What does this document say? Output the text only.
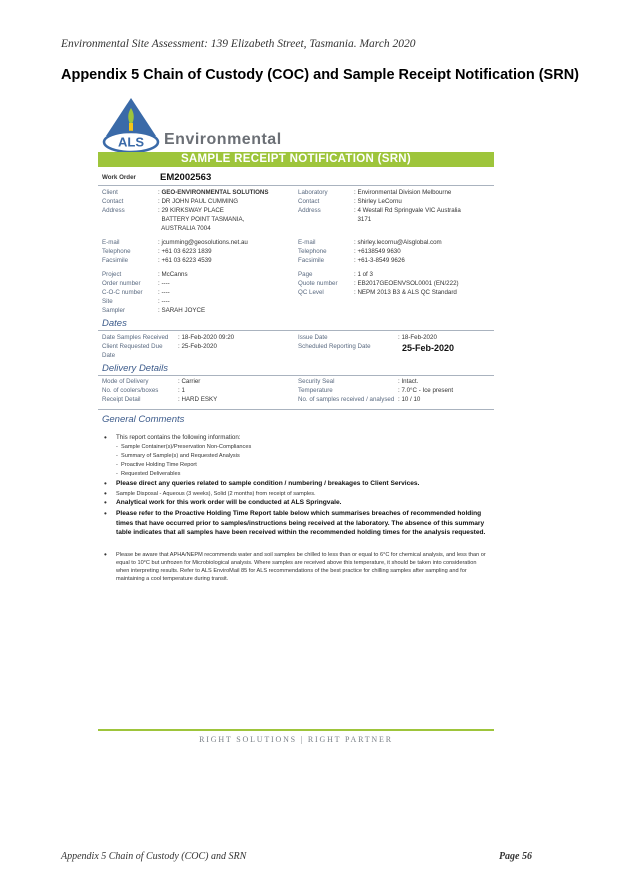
Environmental Site Assessment: 139 Elizabeth Street, Tasmania. March 2020
Appendix 5 Chain of Custody (COC) and Sample Receipt Notification (SRN)
ALS Environmental
SAMPLE RECEIPT NOTIFICATION (SRN)
Work Order	EM2002563
Client	: GEO-ENVIRONMENTAL SOLUTIONS	Laboratory	: Environmental Division Melbourne
Contact	: DR JOHN PAUL CUMMING	Contact	: Shirley LeCornu
Address	: 29 KIRKSWAY PLACE	Address	: 4 Westall Rd Springvale VIC Australia
BATTERY POINT TASMANIA,	3171
AUSTRALIA 7004
E-mail	: jcumming@geosolutions.net.au	E-mail	: shirley.lecornu@Alsglobal.com
Telephone	: +61 03 6223 1839	Telephone	: +6138549 9630
Facsimile	: +61 03 6223 4539	Facsimile	: +61-3-8549 9626
Project	: McCanns	Page	: 1 of 3
Order number	: ----	Quote number	: EB2017GEOENVSOL0001 (EN/222)
C-O-C number : ----	QC Level	: NEPM 2013 B3 & ALS QC Standard
Site	: ----
Sampler	: SARAH JOYCE
Dates
Date Samples Received : 18-Feb-2020 09:20	Issue Date	: 18-Feb-2020
Client Requested Due : 25-Feb-2020	Scheduled Reporting Date	25-Feb-2020
Date
Delivery Details
Mode of Delivery	: Carrier	Security Seal	: Intact.
No. of coolers/boxes	: 1	Temperature	: 7.0°C - Ice present
Receipt Detail	: HARD ESKY	No. of samples received / analysed : 10 / 10
General Comments
• This report contains the following information:
-  Sample Container(s)/Preservation Non-Compliances
-  Summary of Sample(s) and Requested Analysis
-  Proactive Holding Time Report
-  Requested Deliverables
• Please direct any queries related to sample condition / numbering / breakages to Client Services.
• Sample Disposal - Aqueous (3 weeks), Solid (2 months) from receipt of samples.
• Analytical work for this work order will be conducted at ALS Springvale.
• Please refer to the Proactive Holding Time Report table below which summarises breaches of recommended holding times that have occurred prior to samples/instructions being received at the laboratory. The absence of this summary table indicates that all samples have been received within the recommended holding times for the analysis requested.
• Please be aware that APHA/NEPM recommends water and soil samples be chilled to less than or equal to 6°C for chemical analysis, and less than or equal to 10°C but unfrozen for Microbiological analysis. Where samples are received above this temperature, it should be taken into consideration when interpreting results. Refer to ALS EnviroMail 85 for ALS recommendations of the best practice for chilling samples after sampling and for maintaining a cool temperature during transit.
RIGHT SOLUTIONS | RIGHT PARTNER
Appendix 5 Chain of Custody (COC) and SRN	Page 56
